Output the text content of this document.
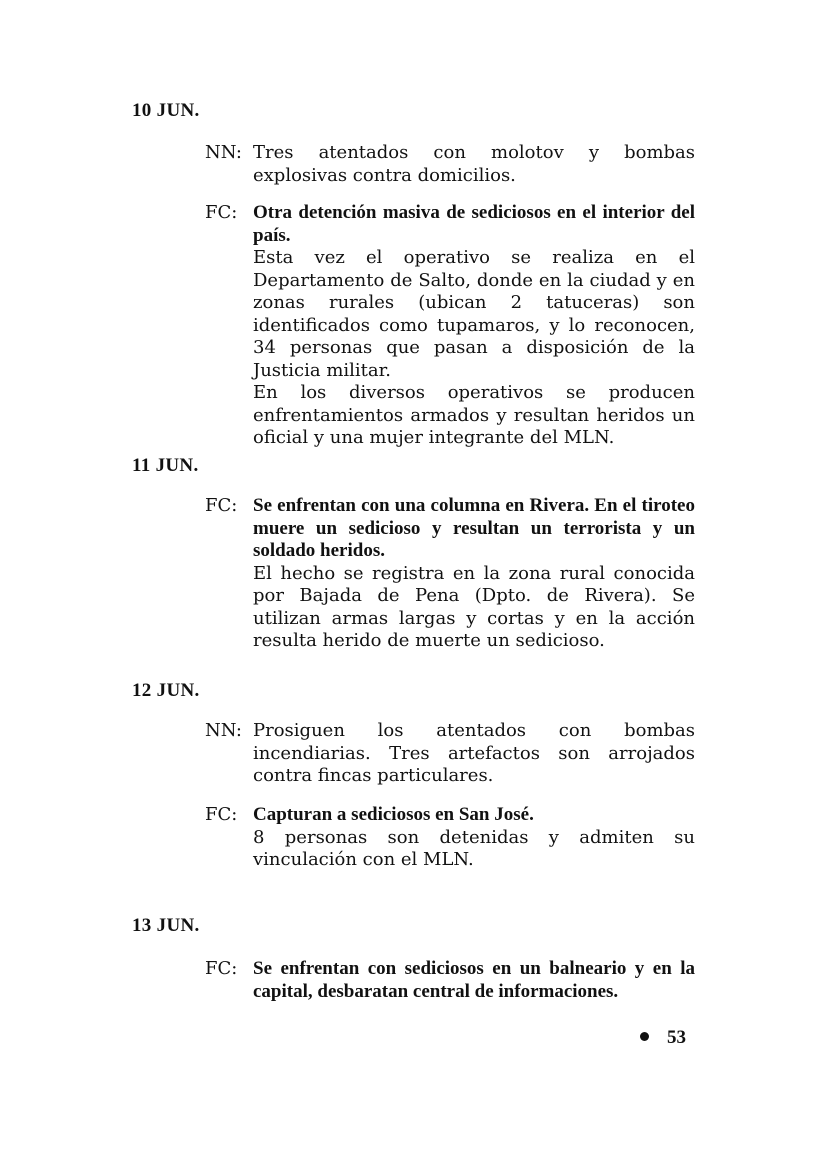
10 JUN.
NN: Tres atentados con molotov y bombas explosivas contra domicilios.
FC: Otra detención masiva de sediciosos en el interior del país.
Esta vez el operativo se realiza en el Departamento de Salto, donde en la ciudad y en zonas rurales (ubican 2 tatuceras) son identificados como tupamaros, y lo reconocen, 34 personas que pasan a disposición de la Justicia militar.
En los diversos operativos se producen enfrentamientos armados y resultan heridos un oficial y una mujer integrante del MLN.
11 JUN.
FC: Se enfrentan con una columna en Rivera. En el tiroteo muere un sedicioso y resultan un terrorista y un soldado heridos.
El hecho se registra en la zona rural conocida por Bajada de Pena (Dpto. de Rivera). Se utilizan armas largas y cortas y en la acción resulta herido de muerte un sedicioso.
12 JUN.
NN: Prosiguen los atentados con bombas incendiarias. Tres artefactos son arrojados contra fincas particulares.
FC: Capturan a sediciosos en San José.
8 personas son detenidas y admiten su vinculación con el MLN.
13 JUN.
FC: Se enfrentan con sediciosos en un balneario y en la capital, desbaratan central de informaciones.
53
